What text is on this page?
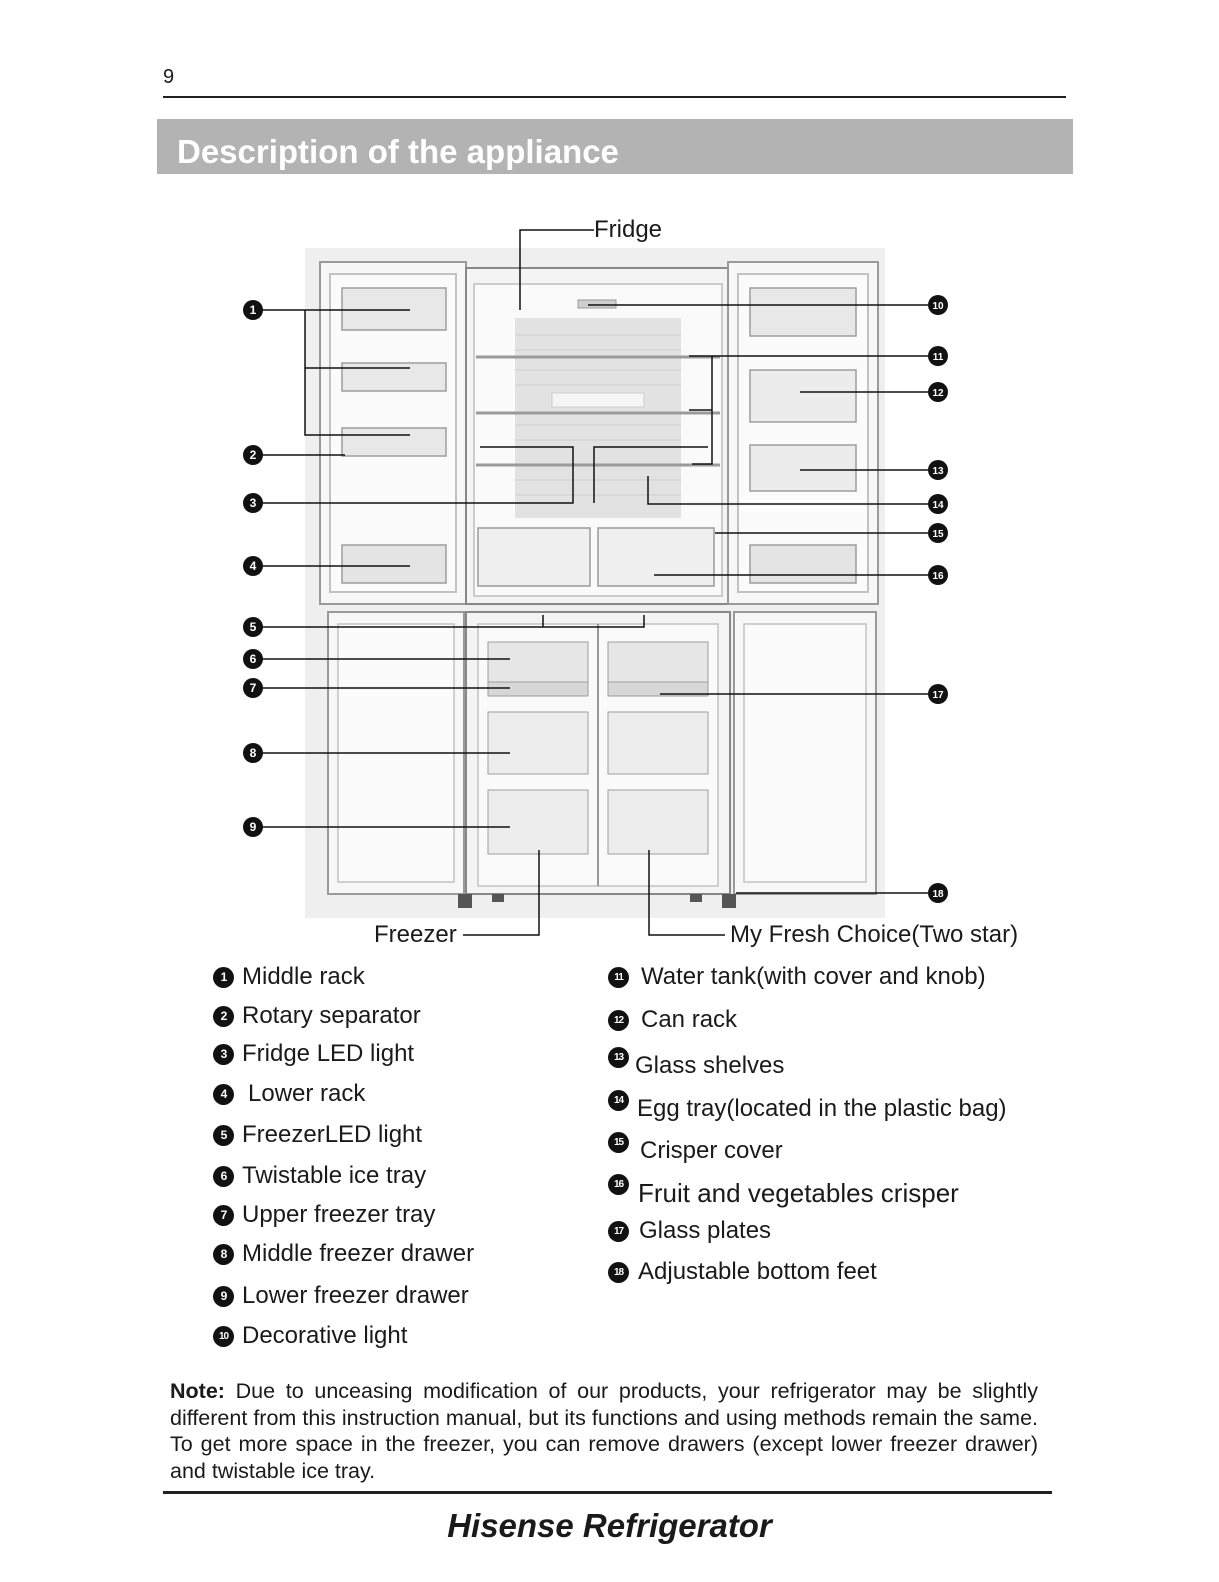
9
Description of the appliance
1
2
3
4
5
6
7
8
9
10
11
12
13
14
15
16
17
18
Fridge
Freezer	My Fresh Choice(Two star)
1 Middle rack
2 Rotary separator
3 Fridge LED light
4 Lower rack
5 FreezerLED light
6 Twistable ice tray
7 Upper freezer tray
8 Middle freezer drawer
9 Lower freezer drawer
10 Decorative light
11 Water tank(with cover and knob)
12 Can rack
13 Glass shelves
14 Egg tray(located in the plastic bag)
15 Crisper cover
16 Fruit and vegetables crisper
17 Glass plates
18 Adjustable bottom feet
Note: Due to unceasing modification of our products, your refrigerator may be slightly different from this instruction manual, but its functions and using methods remain the same. To get more space in the freezer, you can remove drawers (except lower freezer drawer) and twistable ice tray.
Hisense Refrigerator
